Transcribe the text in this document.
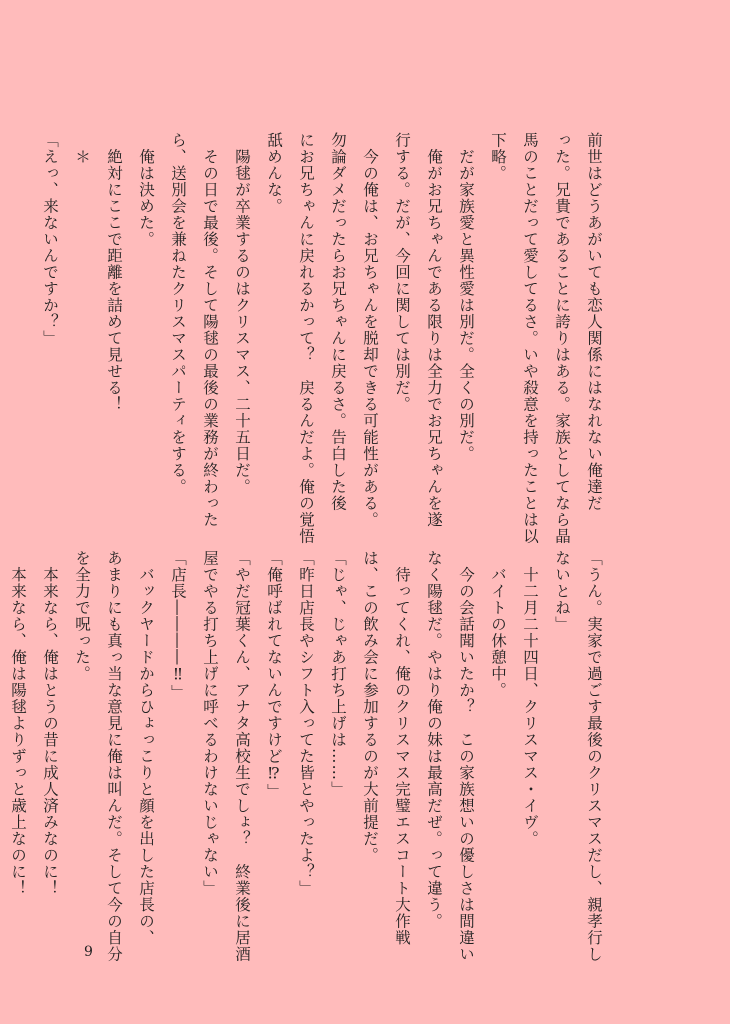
前世はどうあがいても恋人関係にはなれない俺達だ

った。兄貴であることに誇りはある。家族としてなら晶

馬のことだって愛してるさ。いや殺意を持ったことは以

下略。

　だが家族愛と異性愛は別だ。全くの別だ。

　俺がお兄ちゃんである限りは全力でお兄ちゃんを遂

行する。だが、今回に関しては別だ。

　今の俺は、お兄ちゃんを脱却できる可能性がある。

勿論ダメだったらお兄ちゃんに戻るさ。告白した後

にお兄ちゃんに戻れるかって？　戻るんだよ。俺の覚悟

舐めんな。

　陽毬が卒業するのはクリスマス、二十五日だ。

　その日で最後。そして陽毬の最後の業務が終わった

ら、送別会を兼ねたクリスマスパーティをする。

　俺は決めた。

　絶対にここで距離を詰めて見せる！

　＊

「えっ、来ないんですか？」

「うん。実家で過ごす最後のクリスマスだし、親孝行し

ないとね」

　十二月二十四日、クリスマス・イヴ。

　バイトの休憩中。

　今の会話聞いたか？　この家族想いの優しさは間違い

なく陽毬だ。やはり俺の妹は最高だぜ。って違う。

　待ってくれ、俺のクリスマス完璧エスコート大作戦

は、この飲み会に参加するのが大前提だ。

「じゃ、じゃあ打ち上げは……」

「昨日店長やシフト入ってた皆とやったよ？」

「俺呼ばれてないんですけど⁉」

「やだ冠葉くん、アナタ高校生でしょ？　終業後に居酒

屋でやる打ち上げに呼べるわけないじゃない」

「店長――――‼」

　バックヤードからひょっこりと顔を出した店長の、

あまりにも真っ当な意見に俺は叫んだ。そして今の自分

を全力で呪った。

　本来なら、俺はとうの昔に成人済みなのに！

　本来なら、俺は陽毬よりずっと歳上なのに！

9
